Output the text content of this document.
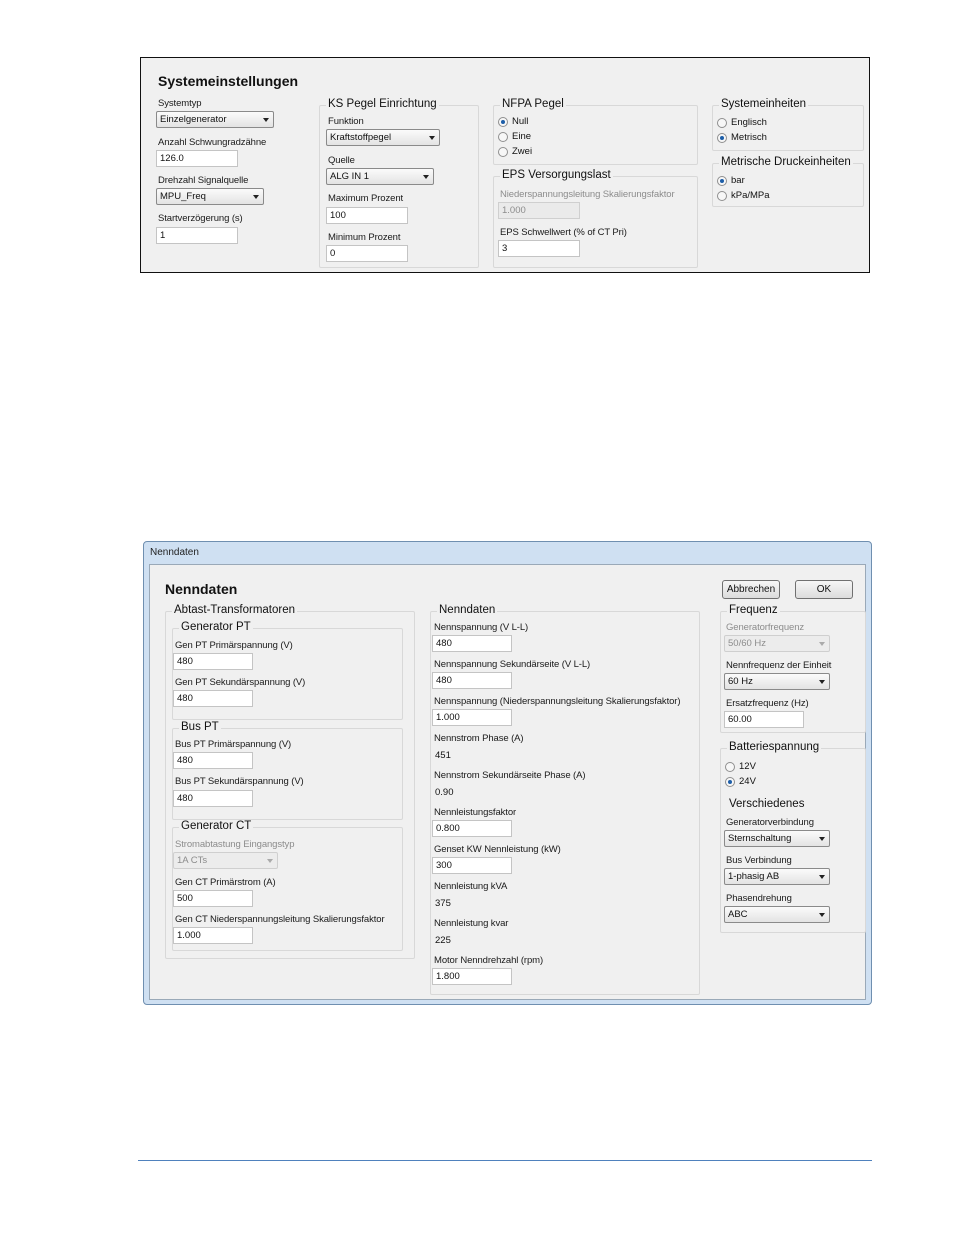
Systemeinstellungen
Systemtyp
Einzelgenerator
Anzahl Schwungradzähne
126.0
Drehzahl Signalquelle
MPU_Freq
Startverzögerung (s)
1
KS Pegel Einrichtung
Funktion
Kraftstoffpegel
Quelle
ALG IN 1
Maximum Prozent
100
Minimum Prozent
0
NFPA Pegel
Null
Eine
Zwei
EPS Versorgungslast
Niederspannungsleitung Skalierungsfaktor
1.000
EPS Schwellwert (% of CT Pri)
3
Systemeinheiten
Englisch
Metrisch
Metrische Druckeinheiten
bar
kPa/MPa
Nenndaten
Nenndaten	Abbrechen	OK
Abtast-Transformatoren
Generator PT
Gen PT Primärspannung (V)
480
Gen PT Sekundärspannung (V)
480
Bus PT
Bus PT Primärspannung (V)
480
Bus PT Sekundärspannung (V)
480
Generator CT
Stromabtastung Eingangstyp
1A CTs
Gen CT Primärstrom (A)
500
Gen CT Niederspannungsleitung Skalierungsfaktor
1.000
Nenndaten
Nennspannung (V L-L)
480
Nennspannung Sekundärseite (V L-L)
480
Nennspannung (Niederspannungsleitung Skalierungsfaktor)
1.000
Nennstrom Phase (A)
451
Nennstrom Sekundärseite Phase (A)
0.90
Nennleistungsfaktor
0.800
Genset KW Nennleistung (kW)
300
Nennleistung kVA
375
Nennleistung kvar
225
Motor Nenndrehzahl (rpm)
1.800
Frequenz
Generatorfrequenz
50/60 Hz
Nennfrequenz der Einheit
60 Hz
Ersatzfrequenz (Hz)
60.00
Batteriespannung
12V
24V
Verschiedenes
Generatorverbindung
Sternschaltung
Bus Verbindung
1-phasig AB
Phasendrehung
ABC
